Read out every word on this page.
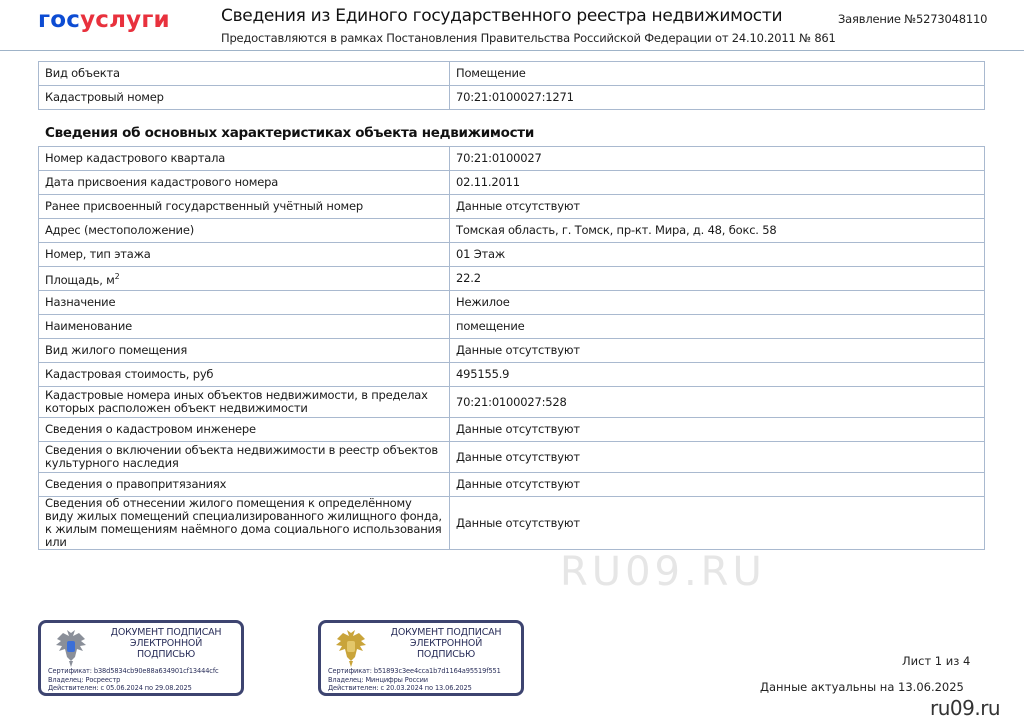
госуслуги	Сведения из Единого государственного реестра недвижимости
Предоставляются в рамках Постановления Правительства Российской Федерации от 24.10.2011 № 861
Заявление №5273048110
Вид объекта	Помещение
Кадастровый номер	70:21:0100027:1271
Сведения об основных характеристиках объекта недвижимости
Номер кадастрового квартала	70:21:0100027
Дата присвоения кадастрового номера	02.11.2011
Ранее присвоенный государственный учётный номер	Данные отсутствуют
Адрес (местоположение)	Томская область, г. Томск, пр-кт. Мира, д. 48, бокс. 58
Номер, тип этажа	01 Этаж
Площадь, $м^2$	22.2
Назначение	Нежилое
Наименование	помещение
Вид жилого помещения	Данные отсутствуют
Кадастровая стоимость, руб	495155.9
Кадастровые номера иных объектов недвижимости, в пределах которых расположен объект недвижимости	70:21:0100027:528
Сведения о кадастровом инженере	Данные отсутствуют
Сведения о включении объекта недвижимости в реестр объектов культурного наследия	Данные отсутствуют
Сведения о правопритязаниях	Данные отсутствуют
Сведения об отнесении жилого помещения к определённому виду жилых помещений специализированного жилищного фонда, к жилым помещениям наёмного дома социального использования или	Данные отсутствуют
RU09.RU
ДОКУМЕНТ ПОДПИСАН
ЭЛЕКТРОННОЙ
ПОДПИСЬЮ
Сертификат: b38d5834cb90e88a634901cf13444cfc
Владелец: Росреестр
Действителен: с 05.06.2024 по 29.08.2025
ДОКУМЕНТ ПОДПИСАН
ЭЛЕКТРОННОЙ
ПОДПИСЬЮ
Сертификат: b51893c3ee4cca1b7d1164a95519f551
Владелец: Минцифры России
Действителен: с 20.03.2024 по 13.06.2025
Лист 1 из 4
Данные актуальны на 13.06.2025
ru09.ru
